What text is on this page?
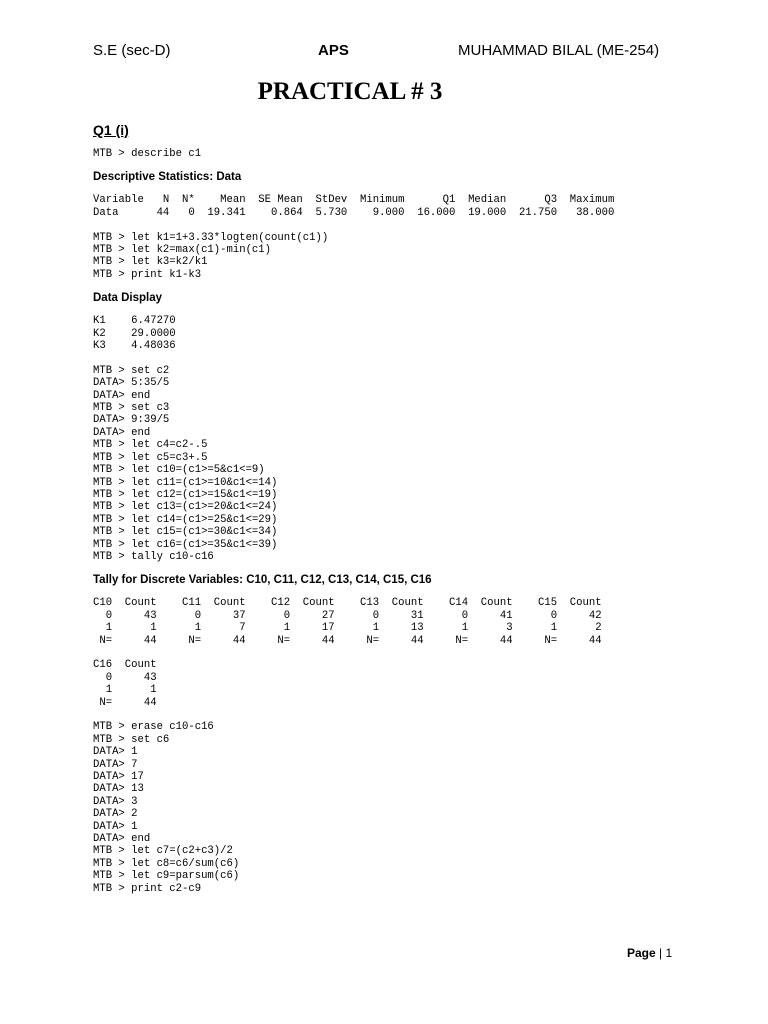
S.E (sec-D)	APS	MUHAMMAD BILAL (ME-254)
PRACTICAL # 3
Q1 (i)
MTB > describe c1

Descriptive Statistics: Data

Variable   N  N*    Mean  SE Mean  StDev  Minimum      Q1  Median      Q3  Maximum
Data      44   0  19.341    0.864  5.730    9.000  16.000  19.000  21.750   38.000
MTB > let k1=1+3.33*logten(count(c1))
MTB > let k2=max(c1)-min(c1)
MTB > let k3=k2/k1
MTB > print k1-k3

Data Display

K1    6.47270
K2    29.0000
K3    4.48036
MTB > set c2
DATA> 5:35/5
DATA> end
MTB > set c3
DATA> 9:39/5
DATA> end
MTB > let c4=c2-.5
MTB > let c5=c3+.5
MTB > let c10=(c1>=5&c1<=9)
MTB > let c11=(c1>=10&c1<=14)
MTB > let c12=(c1>=15&c1<=19)
MTB > let c13=(c1>=20&c1<=24)
MTB > let c14=(c1>=25&c1<=29)
MTB > let c15=(c1>=30&c1<=34)
MTB > let c16=(c1>=35&c1<=39)
MTB > tally c10-c16

Tally for Discrete Variables: C10, C11, C12, C13, C14, C15, C16

C10  Count    C11  Count    C12  Count    C13  Count    C14  Count    C15  Count
0     43      0     37      0     27      0     31      0     41      0     42
1      1      1      7      1     17      1     13      1      3      1      2
N=     44     N=     44     N=     44     N=     44     N=     44     N=     44
C16  Count
0     43
1      1
N=     44
MTB > erase c10-c16
MTB > set c6
DATA> 1
DATA> 7
DATA> 17
DATA> 13
DATA> 3
DATA> 2
DATA> 1
DATA> end
MTB > let c7=(c2+c3)/2
MTB > let c8=c6/sum(c6)
MTB > let c9=parsum(c6)
MTB > print c2-c9
Page | 1
